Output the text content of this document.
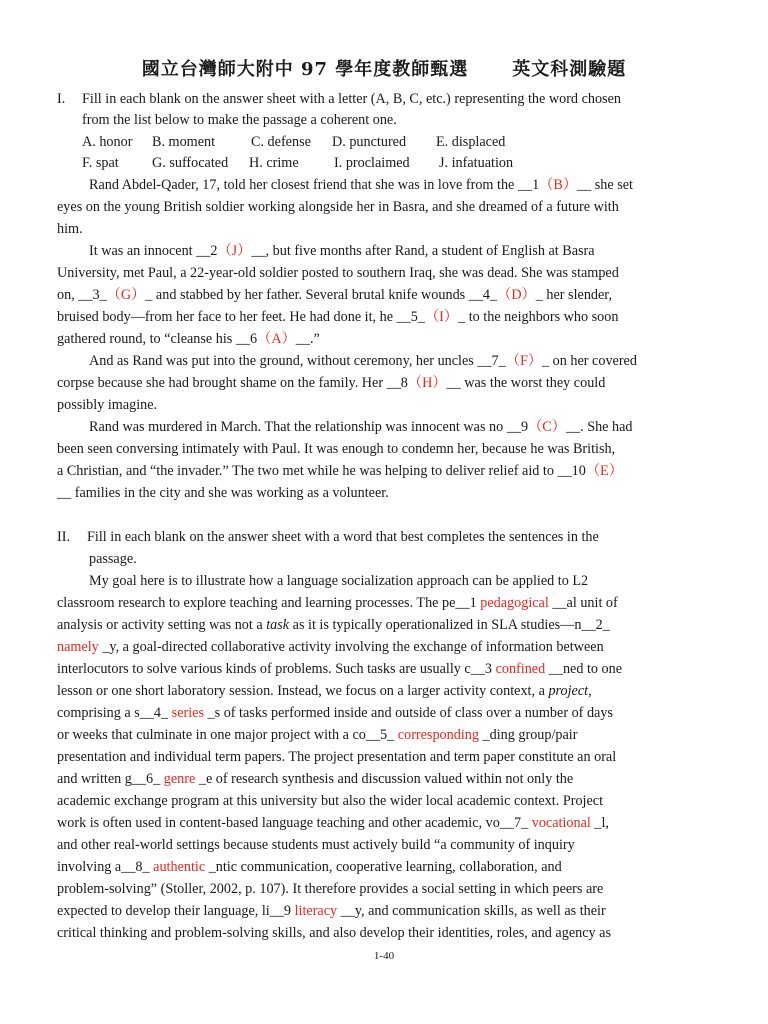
國立台灣師大附中 97 學年度教師甄選 英文科測驗題
I. Fill in each blank on the answer sheet with a letter (A, B, C, etc.) representing the word chosen
from the list below to make the passage a coherent one.
A. honor B. moment	C. defense D. punctured E. displaced
F. spat G. suffocated H. crime I. proclaimed J. infatuation
Rand Abdel-Qader, 17, told her closest friend that she was in love from the __1（B）__ she set
eyes on the young British soldier working alongside her in Basra, and she dreamed of a future with
him.
It was an innocent __2（J）__, but five months after Rand, a student of English at Basra
University, met Paul, a 22-year-old soldier posted to southern Iraq, she was dead. She was stamped
on, __3_（G）_ and stabbed by her father. Several brutal knife wounds __4_（D）_ her slender,
bruised body—from her face to her feet. He had done it, he __5_（I）_ to the neighbors who soon
gathered round, to “cleanse his __6（A）__.”
And as Rand was put into the ground, without ceremony, her uncles __7_（F）_ on her covered
corpse because she had brought shame on the family. Her __8（H）__ was the worst they could
possibly imagine.
Rand was murdered in March. That the relationship was innocent was no __9（C）__. She had
been seen conversing intimately with Paul. It was enough to condemn her, because he was British,
a Christian, and “the invader.” The two met while he was helping to deliver relief aid to __10（E）
__ families in the city and she was working as a volunteer.
II. Fill in each blank on the answer sheet with a word that best completes the sentences in the
passage.
My goal here is to illustrate how a language socialization approach can be applied to L2
classroom research to explore teaching and learning processes. The pe__1 pedagogical __al unit of
analysis or activity setting was not a task as it is typically operationalized in SLA studies—n__2_
namely _y, a goal-directed collaborative activity involving the exchange of information between
interlocutors to solve various kinds of problems. Such tasks are usually c__3 confined __ned to one
lesson or one short laboratory session. Instead, we focus on a larger activity context, a project,
comprising a s__4_ series _s of tasks performed inside and outside of class over a number of days
or weeks that culminate in one major project with a co__5_ corresponding _ding group/pair
presentation and individual term papers. The project presentation and term paper constitute an oral
and written g__6_ genre _e of research synthesis and discussion valued within not only the
academic exchange program at this university but also the wider local academic context. Project
work is often used in content-based language teaching and other academic, vo__7_ vocational _l,
and other real-world settings because students must actively build “a community of inquiry
involving a__8_ authentic _ntic communication, cooperative learning, collaboration, and
problem-solving” (Stoller, 2002, p. 107). It therefore provides a social setting in which peers are
expected to develop their language, li__9 literacy __y, and communication skills, as well as their
critical thinking and problem-solving skills, and also develop their identities, roles, and agency as
1-40
